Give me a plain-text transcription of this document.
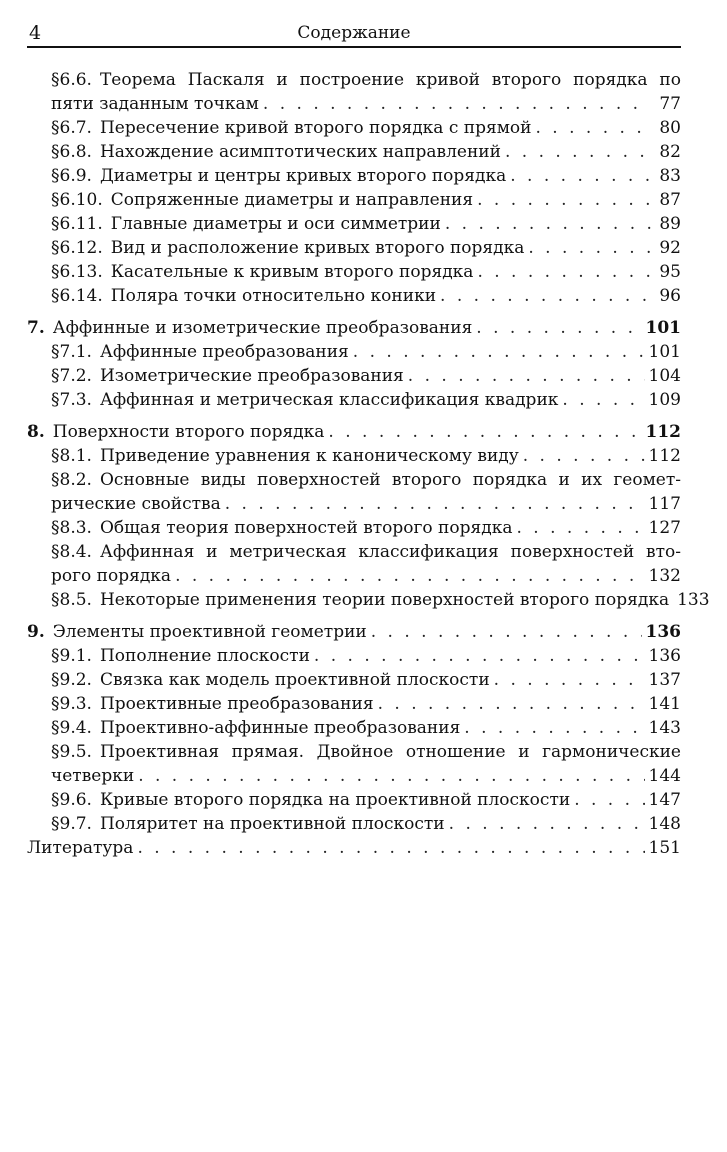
4	Содержание
§6.6. Теорема Паскаля и построение кривой второго порядка по
пяти заданным точкам . . .	77
§6.7. Пересечение кривой второго порядка с прямой . . .	80
§6.8. Нахождение асимптотических направлений . . .	82
§6.9. Диаметры и центры кривых второго порядка . . .	83
§6.10. Сопряженные диаметры и направления . . .	87
§6.11. Главные диаметры и оси симметрии . . .	89
§6.12. Вид и расположение кривых второго порядка . . .	92
§6.13. Касательные к кривым второго порядка . . .	95
§6.14. Поляра точки относительно коники . . .	96
7. Аффинные и изометрические преобразования . . .	101
§7.1. Аффинные преобразования . . .	101
§7.2. Изометрические преобразования . . .	104
§7.3. Аффинная и метрическая классификация квадрик . . .	109
8. Поверхности второго порядка . . .	112
§8.1. Приведение уравнения к каноническому виду . . .	112
§8.2. Основные виды поверхностей второго порядка и их геомет-
рические свойства . . .	117
§8.3. Общая теория поверхностей второго порядка . . .	127
§8.4. Аффинная и метрическая классификация поверхностей вто-
рого порядка . . .	132
§8.5. Некоторые применения теории поверхностей второго порядка 133
9. Элементы проективной геометрии . . .	136
§9.1. Пополнение плоскости . . .	136
§9.2. Связка как модель проективной плоскости . . .	137
§9.3. Проективные преобразования . . .	141
§9.4. Проективно-аффинные преобразования . . .	143
§9.5. Проективная прямая. Двойное отношение и гармонические
четверки . . .	144
§9.6. Кривые второго порядка на проективной плоскости . . .	147
§9.7. Поляритет на проективной плоскости . . .	148
Литература . . .	151
